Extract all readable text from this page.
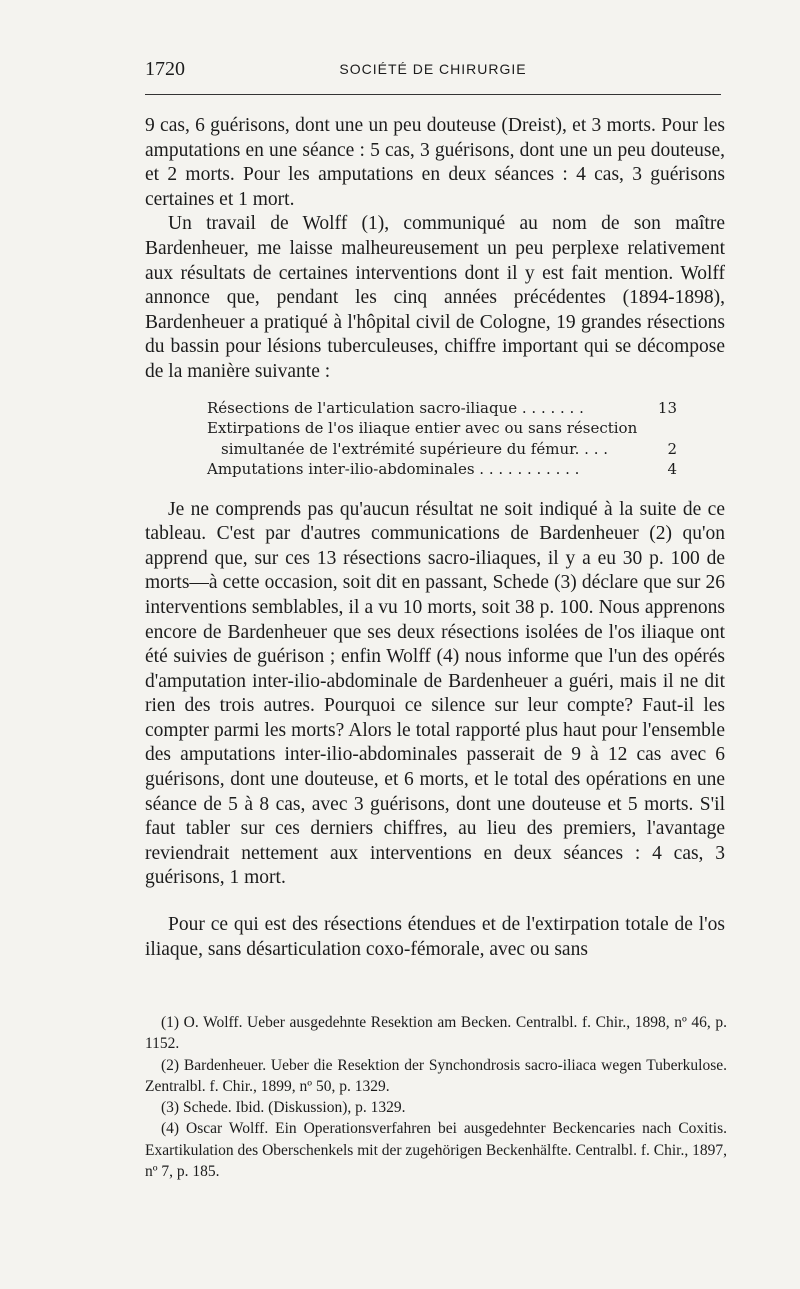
1720	SOCIÉTÉ DE CHIRURGIE

9 cas, 6 guérisons, dont une un peu douteuse (Dreist), et 3 morts. Pour les amputations en une séance : 5 cas, 3 guérisons, dont une un peu douteuse, et 2 morts. Pour les amputations en deux séances : 4 cas, 3 guérisons certaines et 1 mort.

Un travail de Wolff (1), communiqué au nom de son maître Bardenheuer, me laisse malheureusement un peu perplexe relativement aux résultats de certaines interventions dont il y est fait mention. Wolff annonce que, pendant les cinq années précédentes (1894-1898), Bardenheuer a pratiqué à l'hôpital civil de Cologne, 19 grandes résections du bassin pour lésions tuberculeuses, chiffre important qui se décompose de la manière suivante :

Résections de l'articulation sacro-iliaque . . . . . . .	13
Extirpations de l'os iliaque entier avec ou sans résection
simultanée de l'extrémité supérieure du fémur. . . .	2
Amputations inter-ilio-abdominales . . . . . . . . . . .	4

Je ne comprends pas qu'aucun résultat ne soit indiqué à la suite de ce tableau. C'est par d'autres communications de Bardenheuer (2) qu'on apprend que, sur ces 13 résections sacro-iliaques, il y a eu 30 p. 100 de morts—à cette occasion, soit dit en passant, Schede (3) déclare que sur 26 interventions semblables, il a vu 10 morts, soit 38 p. 100. Nous apprenons encore de Bardenheuer que ses deux résections isolées de l'os iliaque ont été suivies de guérison ; enfin Wolff (4) nous informe que l'un des opérés d'amputation inter-ilio-abdominale de Bardenheuer a guéri, mais il ne dit rien des trois autres. Pourquoi ce silence sur leur compte? Faut-il les compter parmi les morts? Alors le total rapporté plus haut pour l'ensemble des amputations inter-ilio-abdominales passerait de 9 à 12 cas avec 6 guérisons, dont une douteuse, et 6 morts, et le total des opérations en une séance de 5 à 8 cas, avec 3 guérisons, dont une douteuse et 5 morts. S'il faut tabler sur ces derniers chiffres, au lieu des premiers, l'avantage reviendrait nettement aux interventions en deux séances : 4 cas, 3 guérisons, 1 mort.

Pour ce qui est des résections étendues et de l'extirpation totale de l'os iliaque, sans désarticulation coxo-fémorale, avec ou sans

(1) O. Wolff. Ueber ausgedehnte Resektion am Becken. Centralbl. f. Chir., 1898, nº 46, p. 1152.

(2) Bardenheuer. Ueber die Resektion der Synchondrosis sacro-iliaca wegen Tuberkulose. Zentralbl. f. Chir., 1899, nº 50, p. 1329.

(3) Schede. Ibid. (Diskussion), p. 1329.

(4) Oscar Wolff. Ein Operationsverfahren bei ausgedehnter Beckencaries nach Coxitis. Exartikulation des Oberschenkels mit der zugehörigen Beckenhälfte. Centralbl. f. Chir., 1897, nº 7, p. 185.
